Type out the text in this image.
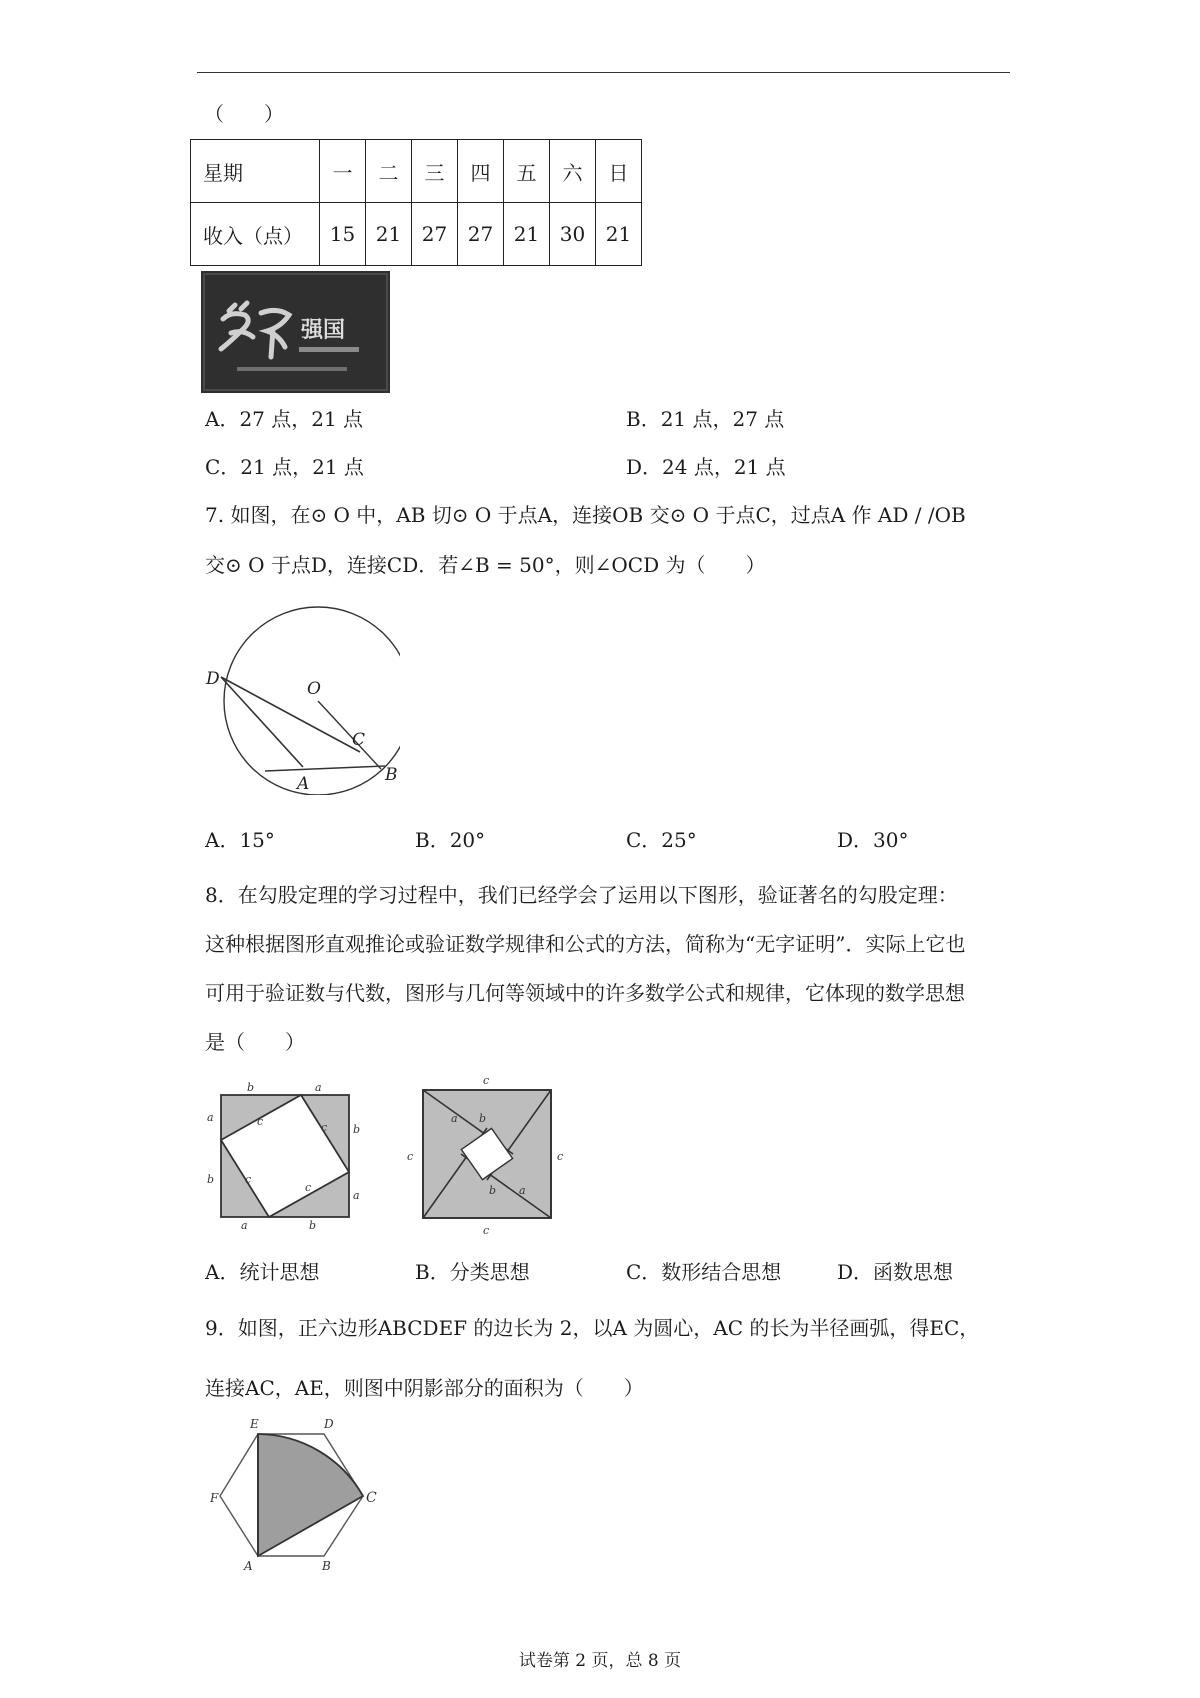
（　　）
星期	一	二	三	四	五	六	日
收入（点）	15	21	27	27	21	30	21
强国
A．27 点，21 点	B．21 点，27 点
C．21 点，21 点	D．24 点，21 点
7. 如图，在⊙ O 中，AB 切⊙ O 于点A，连接OB 交⊙ O 于点C，过点A 作 AD / /OB
交⊙ O 于点D，连接CD．若∠B = 50°，则∠OCD 为（　　）
D	O
C
A	B
A．15°	B．20°	C．25°	D．30°
8．在勾股定理的学习过程中，我们已经学会了运用以下图形，验证著名的勾股定理：
这种根据图形直观推论或验证数学规律和公式的方法，简称为“无字证明”．实际上它也
可用于验证数与代数，图形与几何等领域中的许多数学公式和规律，它体现的数学思想
是（　　）
b	a
a
b
b
a
a	b
c	c
c
c
c
c	c
c
a b
b a
A．统计思想	B．分类思想	C．数形结合思想	D．函数思想
9．如图，正六边形ABCDEF 的边长为 2，以A 为圆心，AC 的长为半径画弧，得EC，
连接AC，AE，则图中阴影部分的面积为（　　）
E	D
C
F
A	B
试卷第 2 页，总 8 页
